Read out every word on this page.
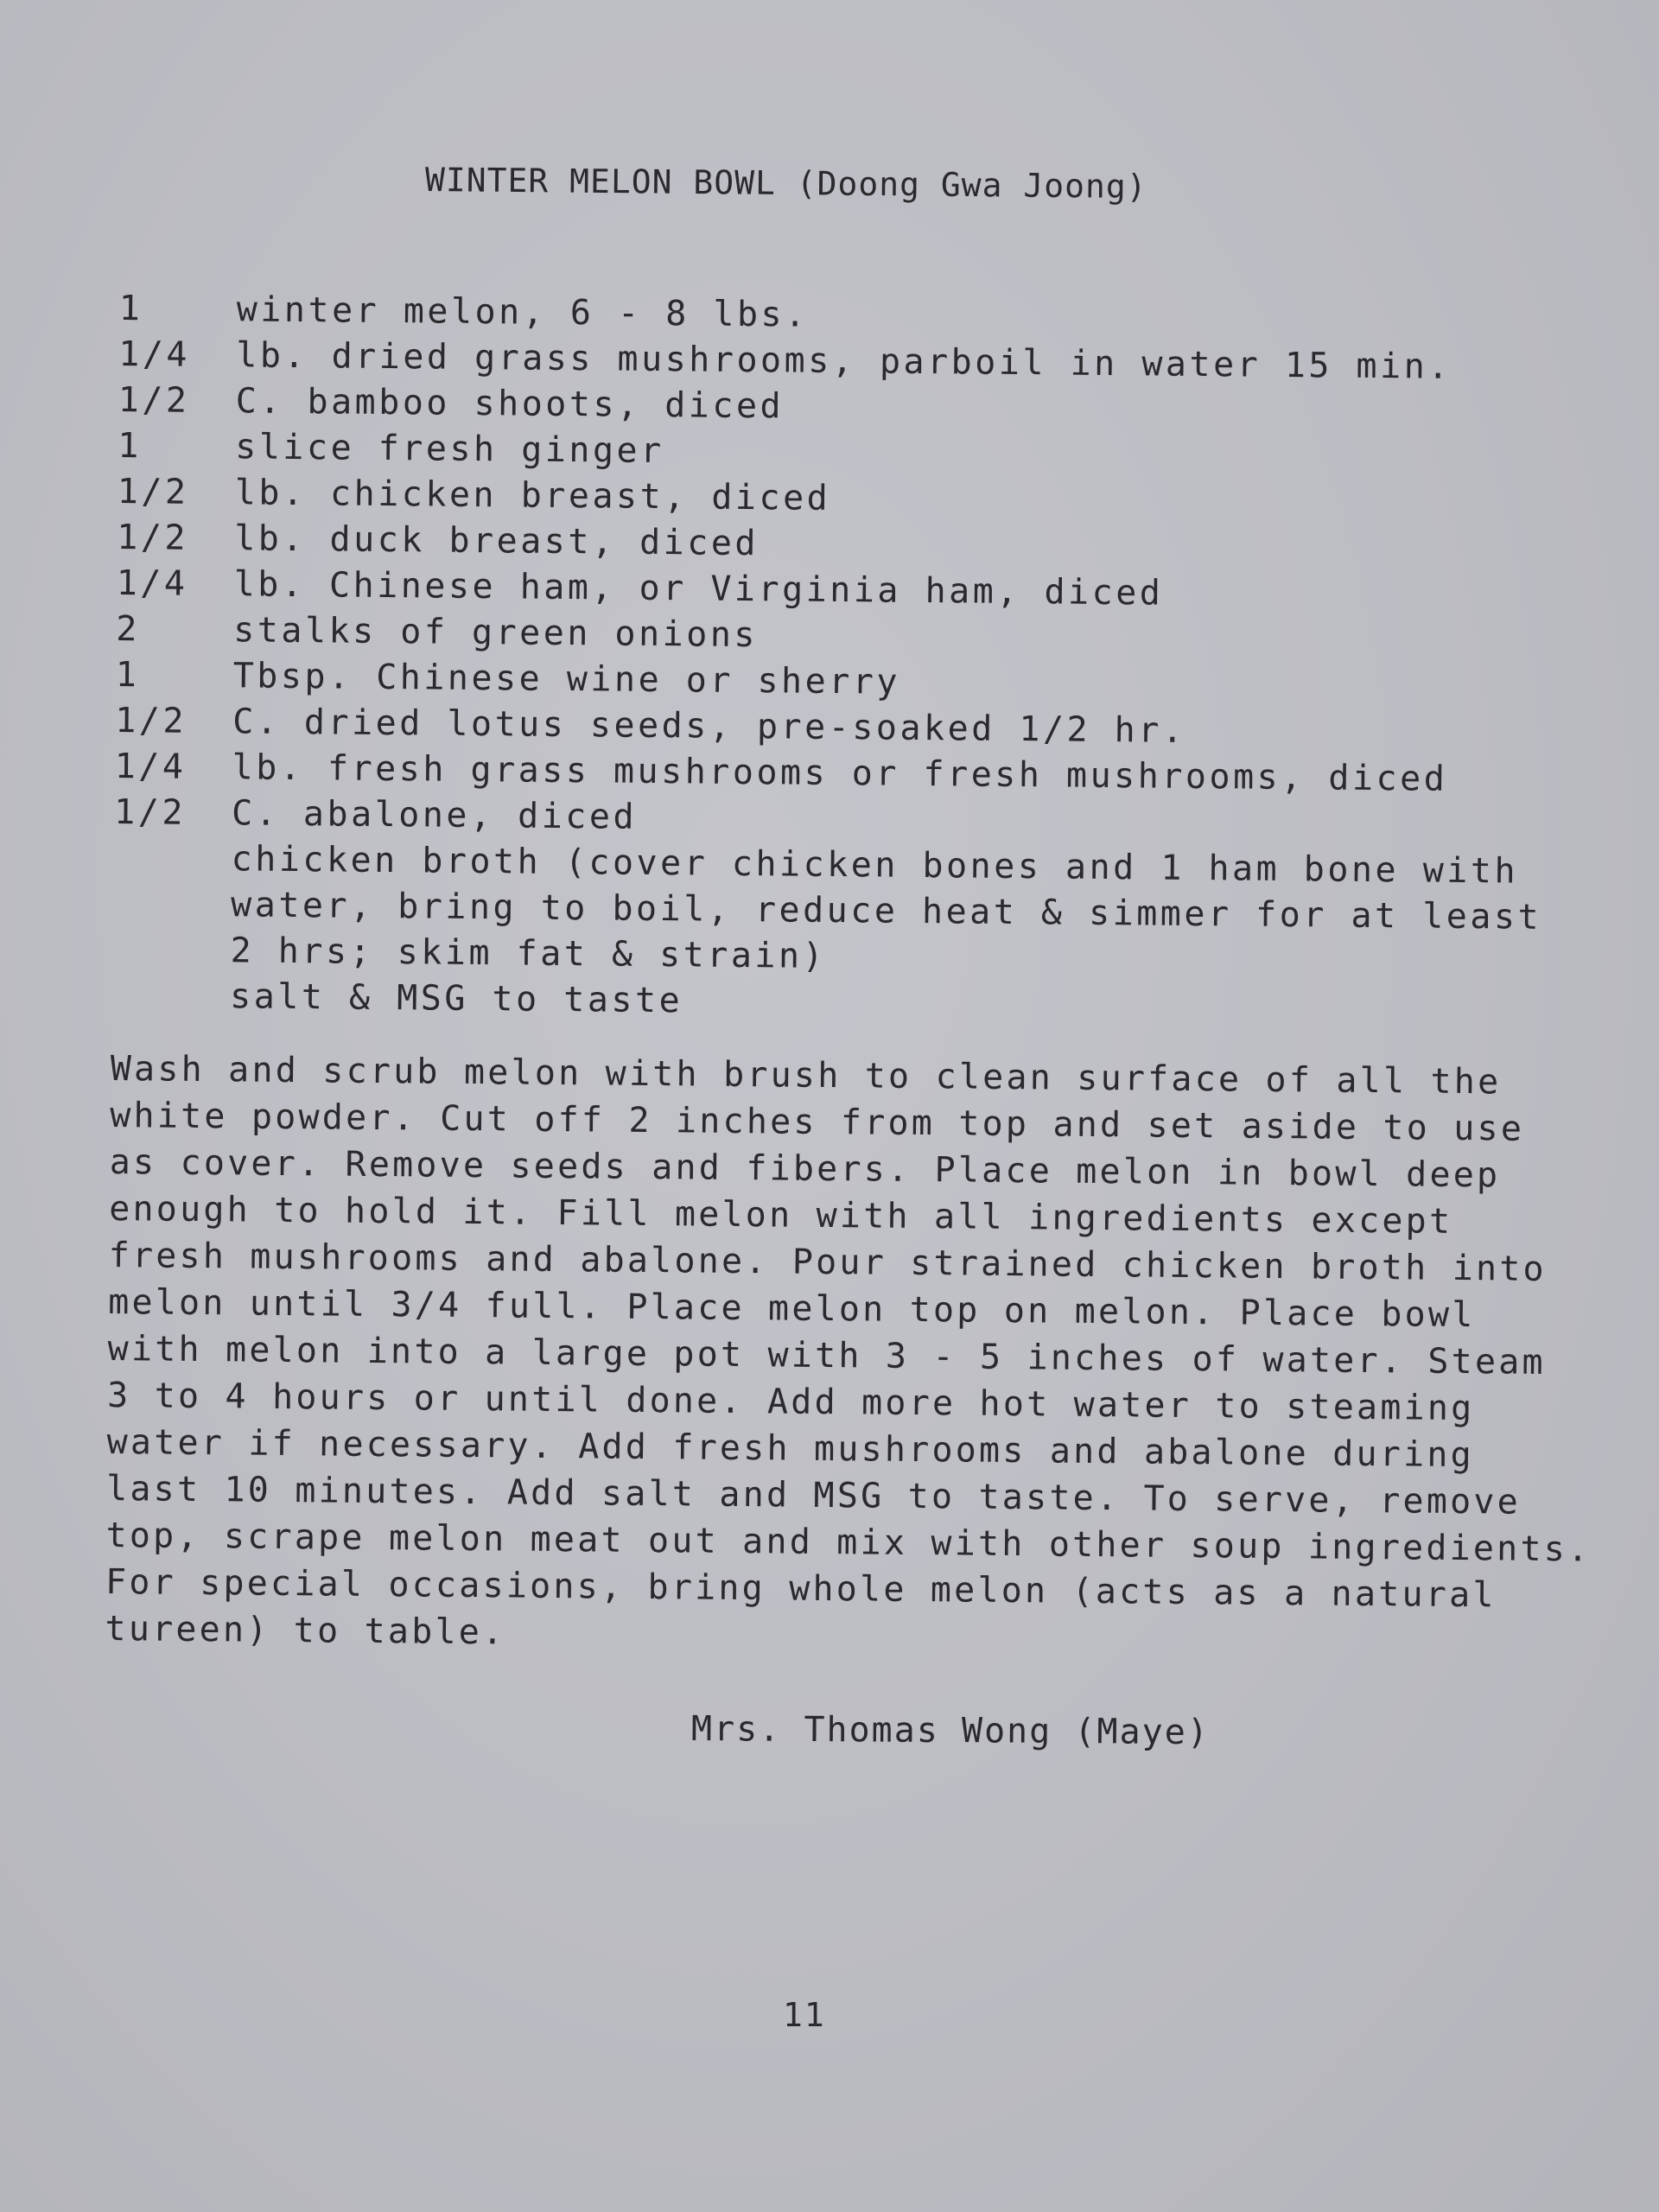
WINTER MELON BOWL (Doong Gwa Joong)
1	winter melon, 6 - 8 lbs.
1/4 lb. dried grass mushrooms, parboil in water 15 min.
1/2 C. bamboo shoots, diced
1	slice fresh ginger
1/2 lb. chicken breast, diced
1/2 lb. duck breast, diced
1/4 lb. Chinese ham, or Virginia ham, diced
2	stalks of green onions
1	Tbsp. Chinese wine or sherry
1/2 C. dried lotus seeds, pre-soaked 1/2 hr.
1/4 lb. fresh grass mushrooms or fresh mushrooms, diced
1/2 C. abalone, diced
chicken broth (cover chicken bones and 1 ham bone with
water, bring to boil, reduce heat & simmer for at least
2 hrs; skim fat & strain)
salt & MSG to taste
Wash and scrub melon with brush to clean surface of all the
white powder. Cut off 2 inches from top and set aside to use
as cover. Remove seeds and fibers. Place melon in bowl deep
enough to hold it. Fill melon with all ingredients except
fresh mushrooms and abalone. Pour strained chicken broth into
melon until 3/4 full. Place melon top on melon. Place bowl
with melon into a large pot with 3 - 5 inches of water. Steam
3 to 4 hours or until done. Add more hot water to steaming
water if necessary. Add fresh mushrooms and abalone during
last 10 minutes. Add salt and MSG to taste. To serve, remove
top, scrape melon meat out and mix with other soup ingredients.
For special occasions, bring whole melon (acts as a natural
tureen) to table.
Mrs. Thomas Wong (Maye)
11
